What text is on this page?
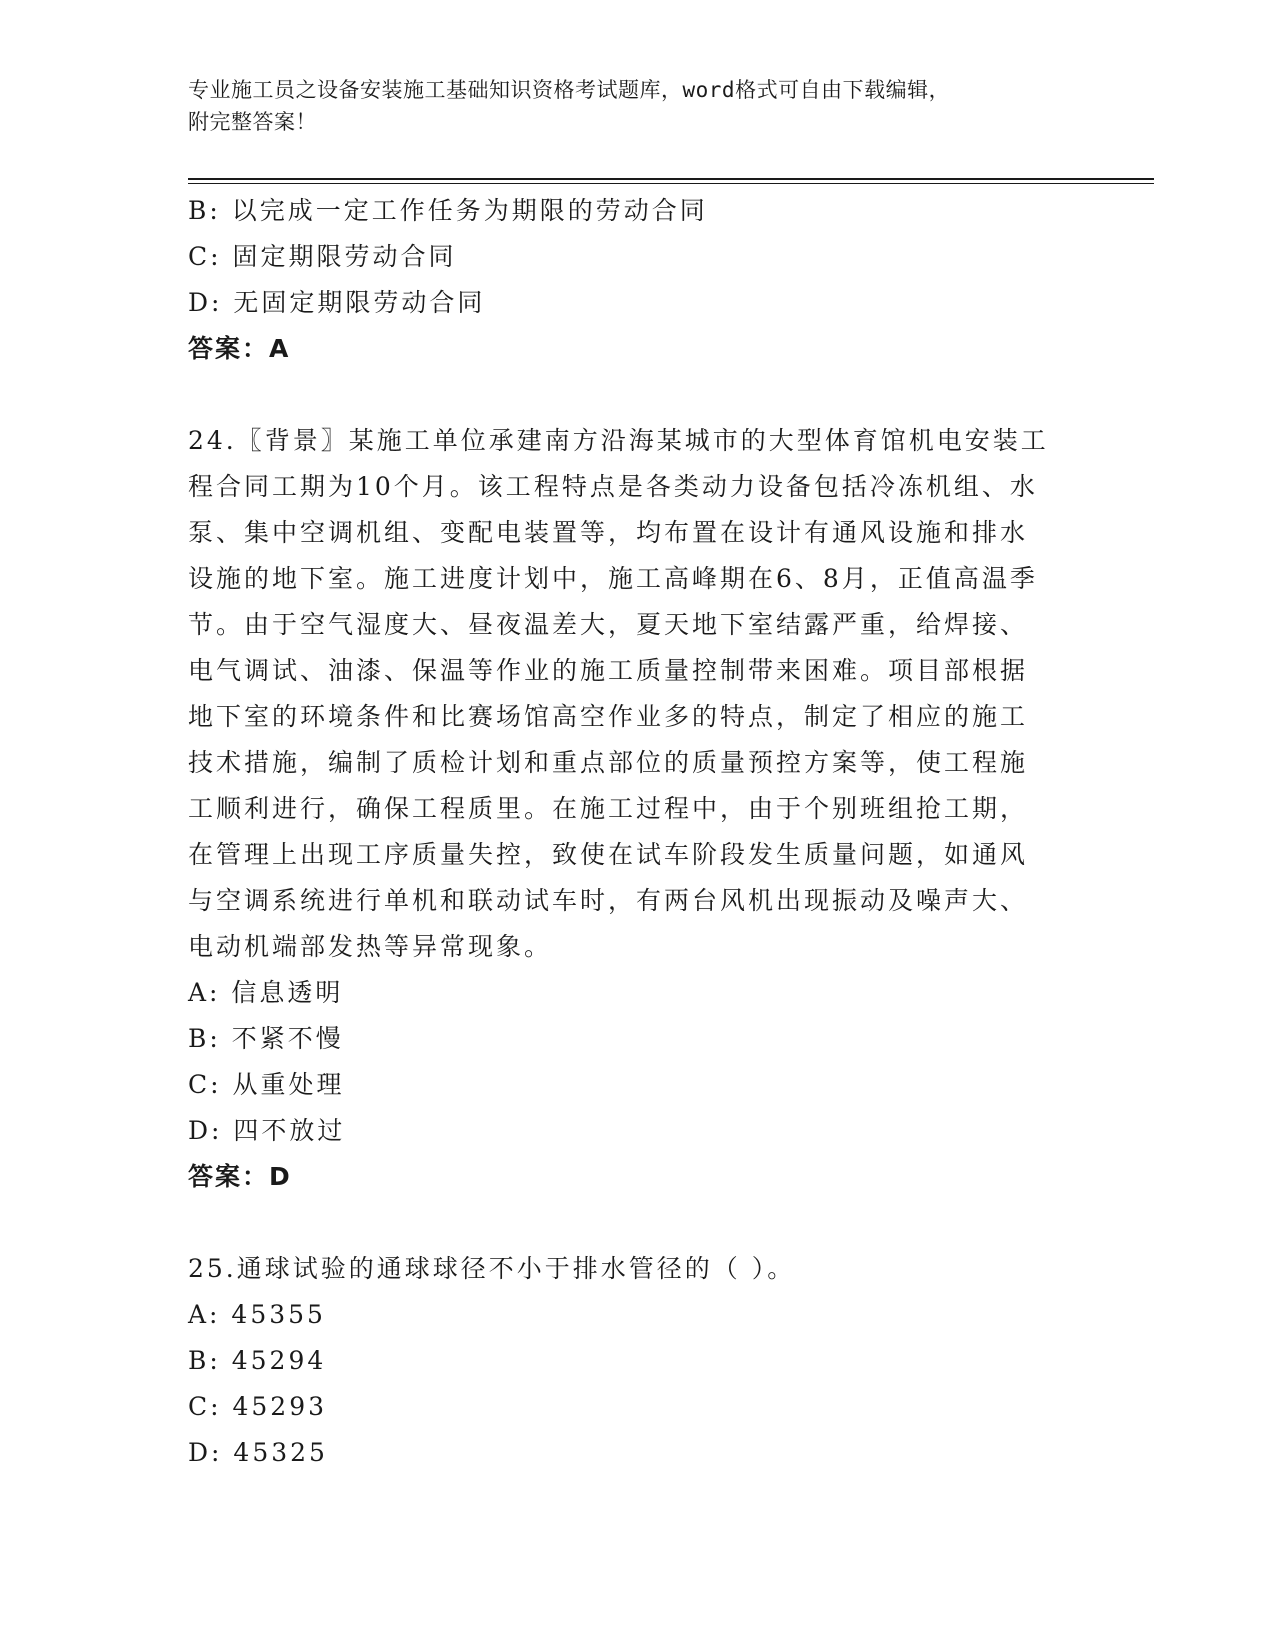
专业施工员之设备安装施工基础知识资格考试题库，word格式可自由下载编辑，
附完整答案！
B: 以完成一定工作任务为期限的劳动合同
C: 固定期限劳动合同
D: 无固定期限劳动合同
答案：A
24.〖背景〗某施工单位承建南方沿海某城市的大型体育馆机电安装工
程合同工期为10个月。该工程特点是各类动力设备包括冷冻机组、水
泵、集中空调机组、变配电装置等，均布置在设计有通风设施和排水
设施的地下室。施工进度计划中，施工高峰期在6、8月，正值高温季
节。由于空气湿度大、昼夜温差大，夏天地下室结露严重，给焊接、
电气调试、油漆、保温等作业的施工质量控制带来困难。项目部根据
地下室的环境条件和比赛场馆高空作业多的特点，制定了相应的施工
技术措施，编制了质检计划和重点部位的质量预控方案等，使工程施
工顺利进行，确保工程质里。在施工过程中，由于个别班组抢工期，
在管理上出现工序质量失控，致使在试车阶段发生质量问题，如通风
与空调系统进行单机和联动试车时，有两台风机出现振动及噪声大、
电动机端部发热等异常现象。
A: 信息透明
B: 不紧不慢
C: 从重处理
D: 四不放过
答案：D
25.通球试验的通球球径不小于排水管径的（ ）。
A: 45355
B: 45294
C: 45293
D: 45325
